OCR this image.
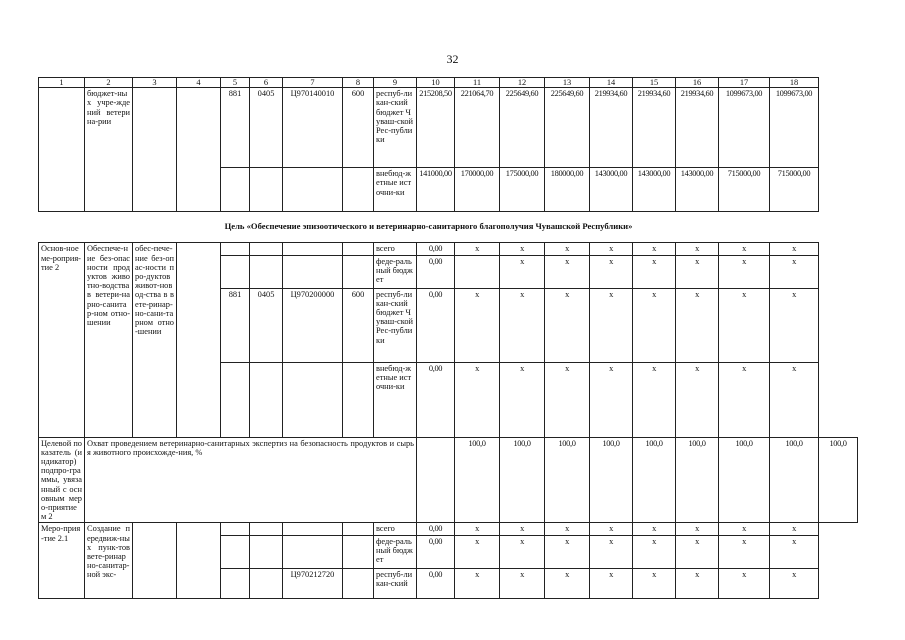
32
1	2	3	4	5	6	7	8	9	10	11	12	13	14	15	16	17	18	
	бюджет-ных учре-ждений ветерина-рии			881	0405	Ц970140010	600	респуб-ликан-ский бюджет Чуваш-ской Рес-публики	215208,50	221064,70	225649,60	225649,60	219934,60	219934,60	219934,60	1099673,00	1099673,00	
								внебюд-жетные источни-ки	141000,00	170000,00	175000,00	180000,00	143000,00	143000,00	143000,00	715000,00	715000,00	
Цель «Обеспечение эпизоотического и ветеринарно-санитарного благополучия Чувашской Республики»																		
Основ-ное ме-роприя-тие 2	Обеспече-ние без-опасности продуктов животно-водства в ветери-нарно-санитар-ном отно-шении	обес-пече-ние без-опас-ности про-дуктов живот-новод-ства в вете-ринар-но-сани-тарном отно-шении						всего	0,00	x	x	x	x	x	x	x	x	
								феде-ральный бюджет	0,00		x	x	x	x	x	x	x	
				881	0405	Ц970200000	600	респуб-ликан-ский бюджет Чуваш-ской Рес-публики	0,00	x	x	x	x	x	x	x	x	
								внебюд-жетные источни-ки	0,00	x	x	x	x	x	x	x	x	
Целевой показатель (индикатор) подпро-граммы, увязанный с основным меро-приятием 2	Охват проведением ветеринарно-санитарных экспертиз на безопасность продуктов и сырья животного происхожде-ния, %									100,0	100,0	100,0	100,0	100,0	100,0	100,0	100,0	100,0
Меро-прия-тие 2.1	Создание передвиж-ных пунк-тов вете-ринарно-санитар-ной экс-							всего	0,00	x	x	x	x	x	x	x	x	
								феде-ральный бюджет	0,00	x	x	x	x	x	x	x	x	
						Ц970212720		респуб-ликан-ский	0,00	x	x	x	x	x	x	x	x	
